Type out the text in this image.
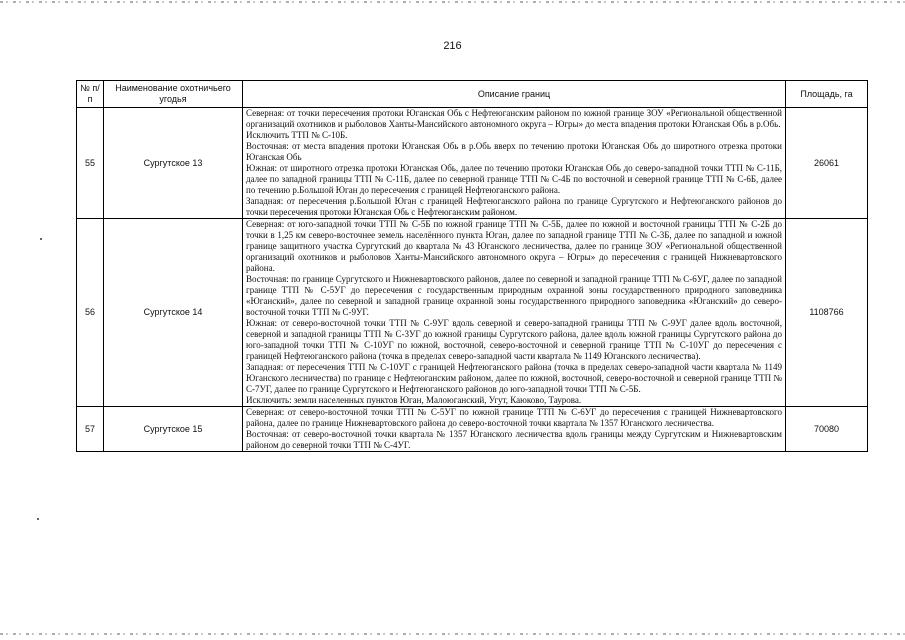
216
№ п/п	Наименование охотничьего угодья	Описание границ	Площадь, га
55	Сургутское 13	Северная: от точки пересечения протоки Юганская Обь с Нефтеюганским районом по южной границе ЗОУ «Региональной общественной организаций охотников и рыболовов Ханты-Мансийского автономного округа – Югры» до места впадения протоки Юганская Обь в р.Обь.
Исключить ТТП № С-10Б.
Восточная: от места впадения протоки Юганская Обь в р.Обь вверх по течению протоки Юганская Обь до широтного отрезка протоки Юганская Обь
Южная: от широтного отрезка протоки Юганская Обь, далее по течению протоки Юганская Обь до северо-западной точки ТТП № С-11Б, далее по западной границы ТТП № С-11Б, далее по северной границе ТТП № С-4Б по восточной и северной границе ТТП № С-6Б, далее по течению р.Большой Юган до пересечения с границей Нефтеюганского района.
Западная: от пересечения р.Большой Юган с границей Нефтеюганского района по границе Сургутского и Нефтеюганского районов до точки пересечения протоки Юганская Обь с Нефтеюганским районом.	26061
56	Сургутское 14	Северная: от юго-западной точки ТТП № С-5Б по южной границе ТТП № С-5Б, далее по южной и восточной границы ТТП № С-2Б до точки в 1,25 км северо-восточнее земель населённого пункта Юган, далее по западной границе ТТП № С-3Б, далее по западной и южной границе защитного участка Сургутский до квартала № 43 Юганского лесничества, далее по границе ЗОУ «Региональной общественной организаций охотников и рыболовов Ханты-Мансийского автономного округа – Югры» до пересечения с границей Нижневартовского района.
Восточная: по границе Сургутского и Нижневартовского районов, далее по северной и западной границе ТТП № С-6УГ, далее по западной границе ТТП № С-5УГ до пересечения с государственным природным охранной зоны государственного природного заповедника «Юганский», далее по северной и западной границе охранной зоны государственного природного заповедника «Юганский» до северо-восточной точки ТТП № С-9УГ.
Южная: от северо-восточной точки ТТП № С-9УГ вдоль северной и северо-западной границы ТТП № С-9УГ далее вдоль восточной, северной и западной границы ТТП № С-3УГ до южной границы Сургутского района, далее вдоль южной границы Сургутского района до юго-западной точки ТТП № С-10УГ по южной, восточной, северо-восточной и северной границе ТТП № С-10УГ до пересечения с границей Нефтеюганского района (точка в пределах северо-западной части квартала № 1149 Юганского лесничества).
Западная: от пересечения ТТП № С-10УГ с границей Нефтеюганского района (точка в пределах северо-западной части квартала № 1149 Юганского лесничества) по границе с Нефтеюганским районом, далее по южной, восточной, северо-восточной и северной границе ТТП № С-7УГ, далее по границе Сургутского и Нефтеюганского районов до юго-западной точки ТТП № С-5Б.
Исключить: земли населенных пунктов Юган, Малоюганский, Угут, Каюково, Таурова.	1108766
57	Сургутское 15	Северная: от северо-восточной точки ТТП № С-5УГ по южной границе ТТП № С-6УГ до пересечения с границей Нижневартовского района, далее по границе Нижневартовского района до северо-восточной точки квартала № 1357 Юганского лесничества.
Восточная: от северо-восточной точки квартала № 1357 Юганского лесничества вдоль границы между Сургутским и Нижневартовским районом до северной точки ТТП № С-4УГ.	70080
